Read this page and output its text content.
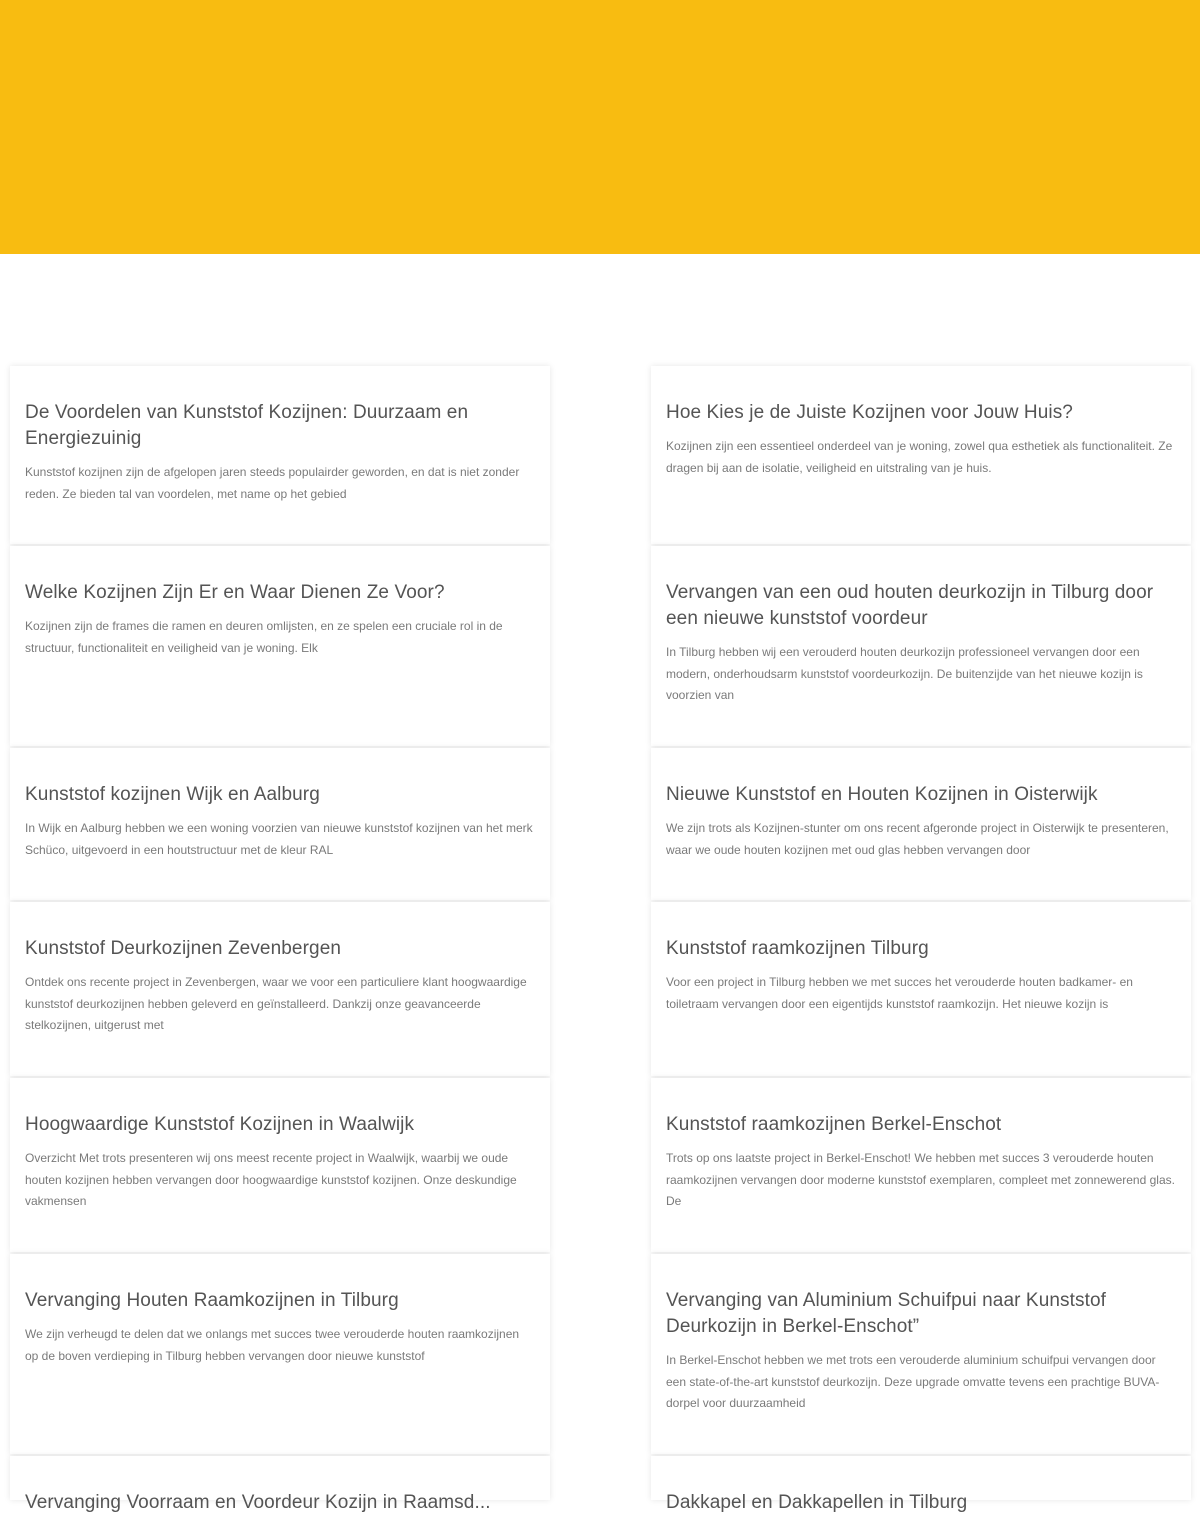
De Voordelen van Kunststof Kozijnen: Duurzaam en Energiezuinig

Kunststof kozijnen zijn de afgelopen jaren steeds populairder geworden, en dat is niet zonder reden. Ze bieden tal van voordelen, met name op het gebied

Hoe Kies je de Juiste Kozijnen voor Jouw Huis?

Kozijnen zijn een essentieel onderdeel van je woning, zowel qua esthetiek als functionaliteit. Ze dragen bij aan de isolatie, veiligheid en uitstraling van je huis.

Welke Kozijnen Zijn Er en Waar Dienen Ze Voor?

Kozijnen zijn de frames die ramen en deuren omlijsten, en ze spelen een cruciale rol in de structuur, functionaliteit en veiligheid van je woning. Elk

Vervangen van een oud houten deurkozijn in Tilburg door een nieuwe kunststof voordeur

In Tilburg hebben wij een verouderd houten deurkozijn professioneel vervangen door een modern, onderhoudsarm kunststof voordeurkozijn. De buitenzijde van het nieuwe kozijn is voorzien van

Kunststof kozijnen Wijk en Aalburg

In Wijk en Aalburg hebben we een woning voorzien van nieuwe kunststof kozijnen van het merk Schüco, uitgevoerd in een houtstructuur met de kleur RAL

Nieuwe Kunststof en Houten Kozijnen in Oisterwijk

We zijn trots als Kozijnen-stunter om ons recent afgeronde project in Oisterwijk te presenteren, waar we oude houten kozijnen met oud glas hebben vervangen door

Kunststof Deurkozijnen Zevenbergen

Ontdek ons recente project in Zevenbergen, waar we voor een particuliere klant hoogwaardige kunststof deurkozijnen hebben geleverd en geïnstalleerd. Dankzij onze geavanceerde stelkozijnen, uitgerust met

Kunststof raamkozijnen Tilburg

Voor een project in Tilburg hebben we met succes het verouderde houten badkamer- en toiletraam vervangen door een eigentijds kunststof raamkozijn. Het nieuwe kozijn is

Hoogwaardige Kunststof Kozijnen in Waalwijk

Overzicht Met trots presenteren wij ons meest recente project in Waalwijk, waarbij we oude houten kozijnen hebben vervangen door hoogwaardige kunststof kozijnen. Onze deskundige vakmensen

Kunststof raamkozijnen Berkel-Enschot

Trots op ons laatste project in Berkel-Enschot! We hebben met succes 3 verouderde houten raamkozijnen vervangen door moderne kunststof exemplaren, compleet met zonnewerend glas. De

Vervanging Houten Raamkozijnen in Tilburg

We zijn verheugd te delen dat we onlangs met succes twee verouderde houten raamkozijnen op de boven verdieping in Tilburg hebben vervangen door nieuwe kunststof

Vervanging van Aluminium Schuifpui naar Kunststof Deurkozijn in Berkel-Enschot”

In Berkel-Enschot hebben we met trots een verouderde aluminium schuifpui vervangen door een state-of-the-art kunststof deurkozijn. Deze upgrade omvatte tevens een prachtige BUVA-dorpel voor duurzaamheid

Vervanging Voorraam en Voordeur Kozijn in Raamsd...	Dakkapel en Dakkapellen in Tilburg
